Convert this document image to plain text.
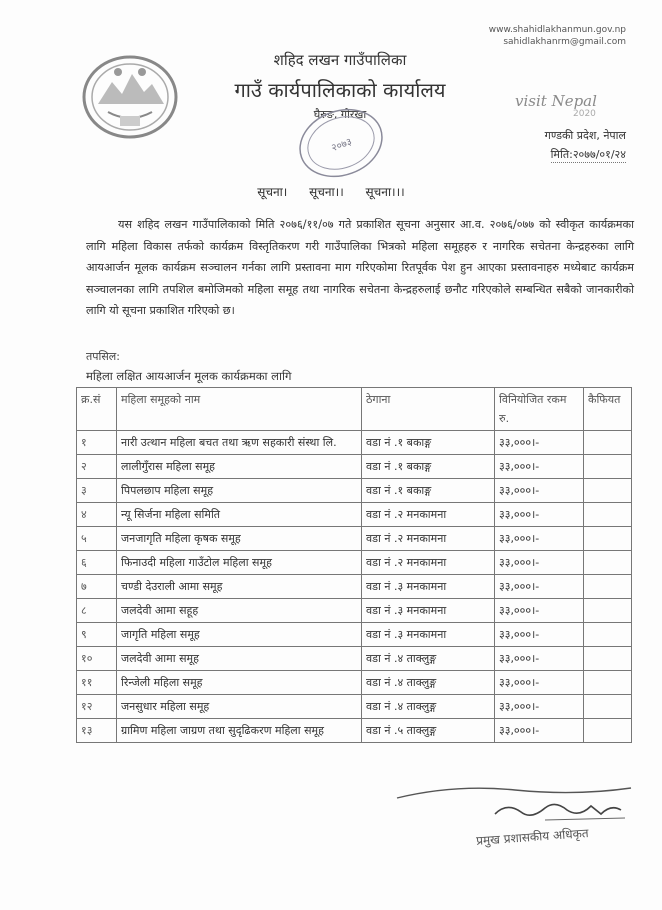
www.shahidlakhanmun.gov.np
sahidlakhanrm@gmail.com
शहिद लखन गाउँपालिका
गाउँ कार्यपालिकाको कार्यालय
घैरुङ, गोरखा
२०७३
visit Nepal
2020
गण्डकी प्रदेश, नेपाल
मिति:२०७७/०१/२४
सूचना। सूचना।। सूचना।।।
यस शहिद लखन गाउँपालिकाको मिति २०७६/११/०७ गते प्रकाशित सूचना अनुसार आ.व. २०७६/०७७ को स्वीकृत कार्यक्रमका लागि महिला विकास तर्फको कार्यक्रम विस्तृतिकरण गरी गाउँपालिका भित्रको महिला समूहहरु र नागरिक सचेतना केन्द्रहरुका लागि आयआर्जन मूलक कार्यक्रम सञ्चालन गर्नका लागि प्रस्तावना माग गरिएकोमा रितपूर्वक पेश हुन आएका प्रस्तावनाहरु मध्येबाट कार्यक्रम सञ्चालनका लागि तपशिल बमोजिमको महिला समूह तथा नागरिक सचेतना केन्द्रहरुलाई छनौट गरिएकोले सम्बन्धित सबैको जानकारीको लागि यो सूचना प्रकाशित गरिएको छ।
तपसिल:
महिला लक्षित आयआर्जन मूलक कार्यक्रमका लागि
क्र.सं	महिला समूहको नाम	ठेगाना	विनियोजित रकम रु.	कैफियत
१	नारी उत्थान महिला बचत तथा ऋण सहकारी संस्था लि.	वडा नं .१ बकाङ्ग	३३,०००।-	
२	लालीगुँरास महिला समूह	वडा नं .१ बकाङ्ग	३३,०००।-	
३	पिपलछाप महिला समूह	वडा नं .१ बकाङ्ग	३३,०००।-	
४	न्यू सिर्जना महिला समिति	वडा नं .२ मनकामना	३३,०००।-	
५	जनजागृति महिला कृषक समूह	वडा नं .२ मनकामना	३३,०००।-	
६	फिनाउदी महिला गाउँटोल महिला समूह	वडा नं .२ मनकामना	३३,०००।-	
७	चण्डी देउराली आमा समूह	वडा नं .३ मनकामना	३३,०००।-	
८	जलदेवी आमा सहूह	वडा नं .३ मनकामना	३३,०००।-	
९	जागृति महिला समूह	वडा नं .३ मनकामना	३३,०००।-	
१०	जलदेवी आमा समूह	वडा नं .४ ताक्लुङ्ग	३३,०००।-	
११	रिन्जेली महिला समूह	वडा नं .४ ताक्लुङ्ग	३३,०००।-	
१२	जनसुधार महिला समूह	वडा नं .४ ताक्लुङ्ग	३३,०००।-	
१३	ग्रामिण महिला जाग्रण तथा सुदृढिकरण महिला समूह	वडा नं .५ ताक्लुङ्ग	३३,०००।-	
प्रमुख प्रशासकीय अधिकृत
